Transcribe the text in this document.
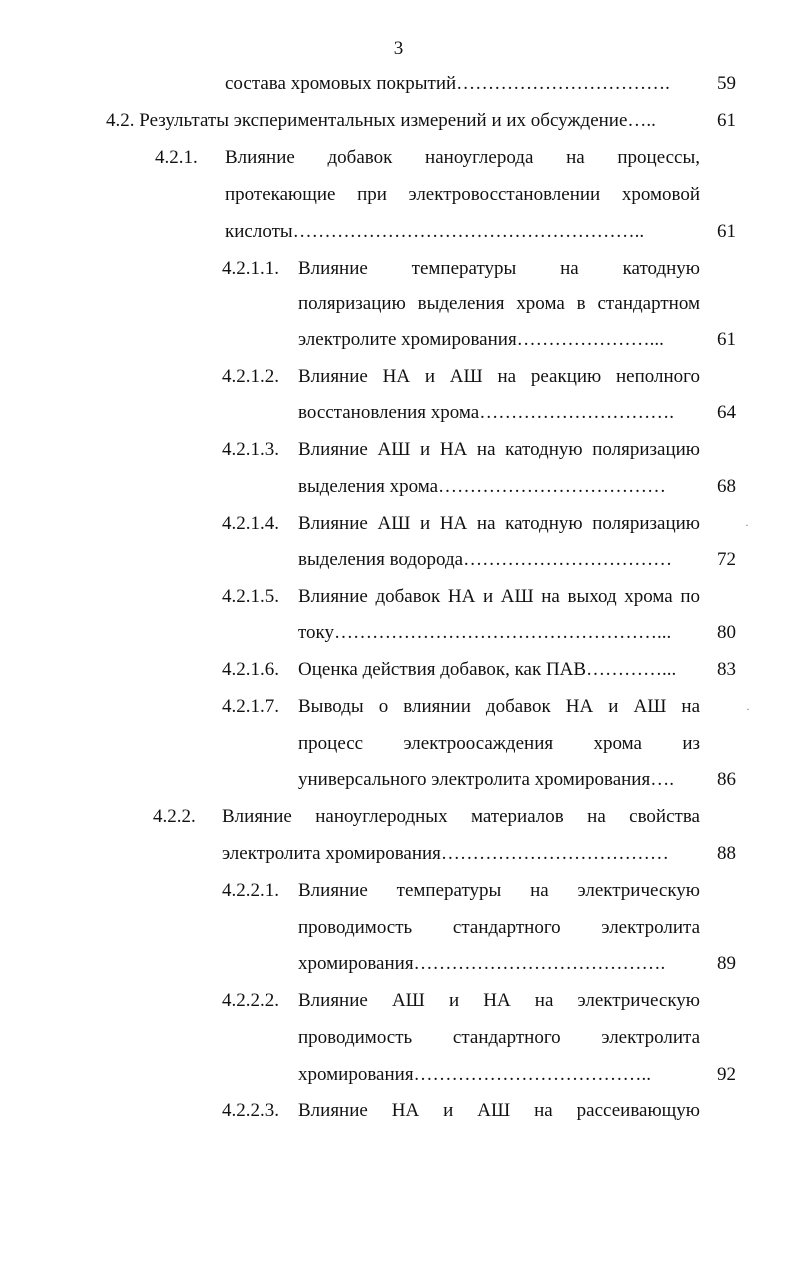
3
состава хромовых покрытий…………………………….	59
4.2. Результаты экспериментальных измерений и их обсуждение…..	61
4.2.1. Влияние добавок наноуглерода на процессы,
протекающие при электровосстановлении хромовой
кислоты………………………………………………..	61
4.2.1.1. Влияние температуры на катодную
поляризацию выделения хрома в стандартном
электролите хромирования…………………...	61
4.2.1.2. Влияние НА и АШ на реакцию неполного
восстановления хрома………………………….	64
4.2.1.3. Влияние АШ и НА на катодную поляризацию
выделения хрома………………………………	68
4.2.1.4. Влияние АШ и НА на катодную поляризацию
выделения водорода……………………………	72
4.2.1.5. Влияние добавок НА и АШ на выход хрома по
току……………………………………………...	80
4.2.1.6. Оценка действия добавок, как ПАВ…………...	83
4.2.1.7. Выводы о влиянии добавок НА и АШ на
процесс электроосаждения хрома из
универсального электролита хромирования….	86
4.2.2. Влияние наноуглеродных материалов на свойства
электролита хромирования………………………………	88
4.2.2.1. Влияние температуры на электрическую
проводимость стандартного электролита
хромирования………………………………….	89
4.2.2.2. Влияние АШ и НА на электрическую
проводимость стандартного электролита
хромирования………………………………..	92
4.2.2.3. Влияние НА и АШ на рассеивающую
·
·
